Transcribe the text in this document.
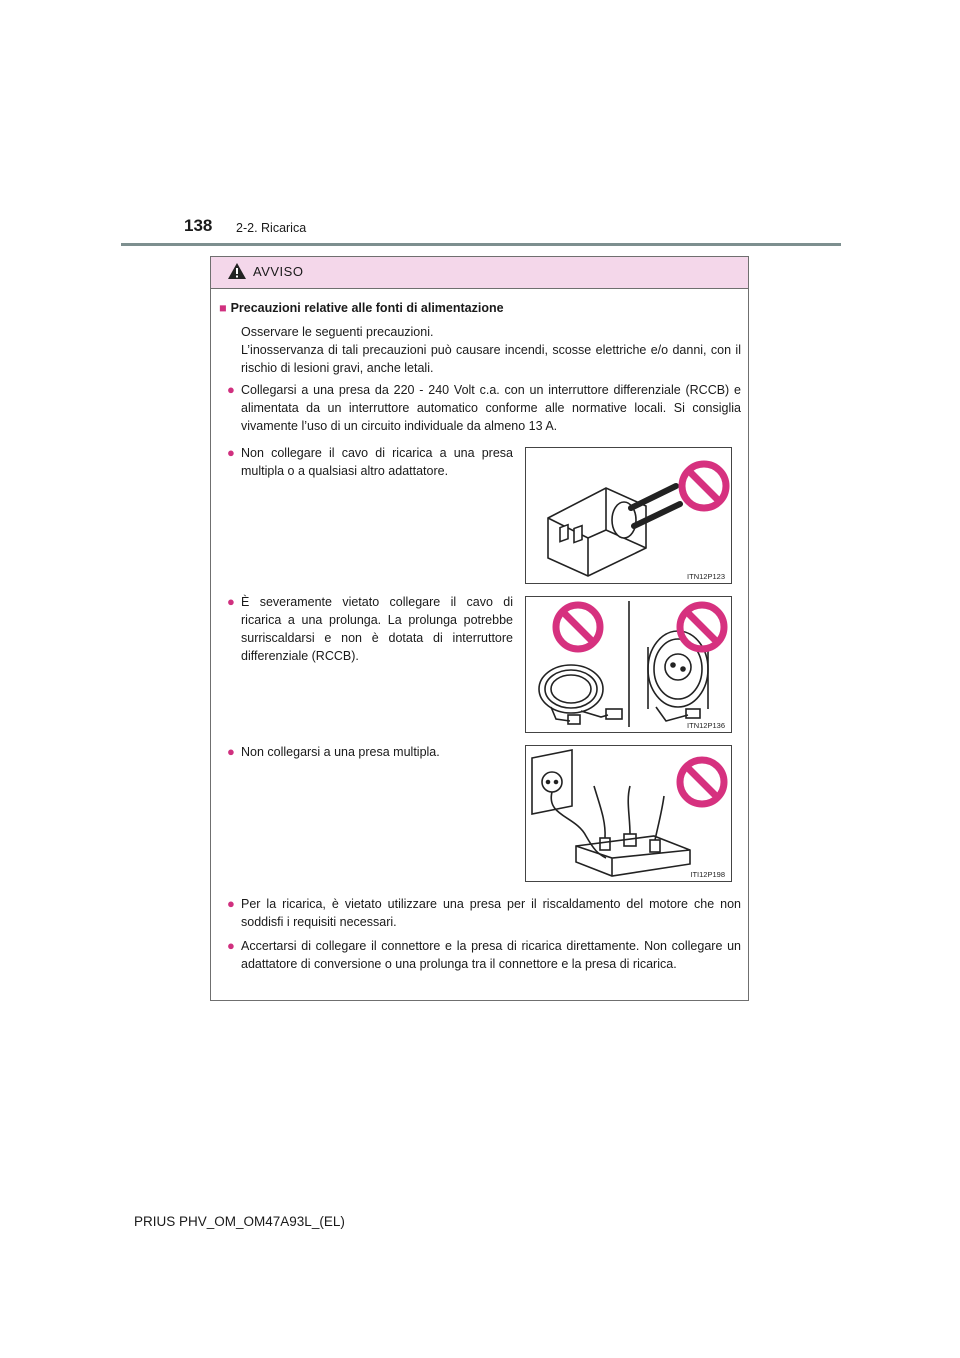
138 2-2. Ricarica
AVVISO
■ Precauzioni relative alle fonti di alimentazione
Osservare le seguenti precauzioni.
L’inosservanza di tali precauzioni può causare incendi, scosse elettriche e/o danni, con il rischio di lesioni gravi, anche letali.
● Collegarsi a una presa da 220 - 240 Volt c.a. con un interruttore differenziale (RCCB) e alimentata da un interruttore automatico conforme alle normative locali. Si consiglia vivamente l’uso di un circuito individuale da almeno 13 A.
● Non collegare il cavo di ricarica a una presa multipla o a qualsiasi altro adattatore.
ITN12P123
● È severamente vietato collegare il cavo di ricarica a una prolunga. La prolunga potrebbe surriscaldarsi e non è dotata di interruttore differenziale (RCCB).
ITN12P136
● Non collegarsi a una presa multipla.
ITI12P198
● Per la ricarica, è vietato utilizzare una presa per il riscaldamento del motore che non soddisfi i requisiti necessari.
● Accertarsi di collegare il connettore e la presa di ricarica direttamente. Non collegare un adattatore di conversione o una prolunga tra il connettore e la presa di ricarica.
PRIUS PHV_OM_OM47A93L_(EL)
